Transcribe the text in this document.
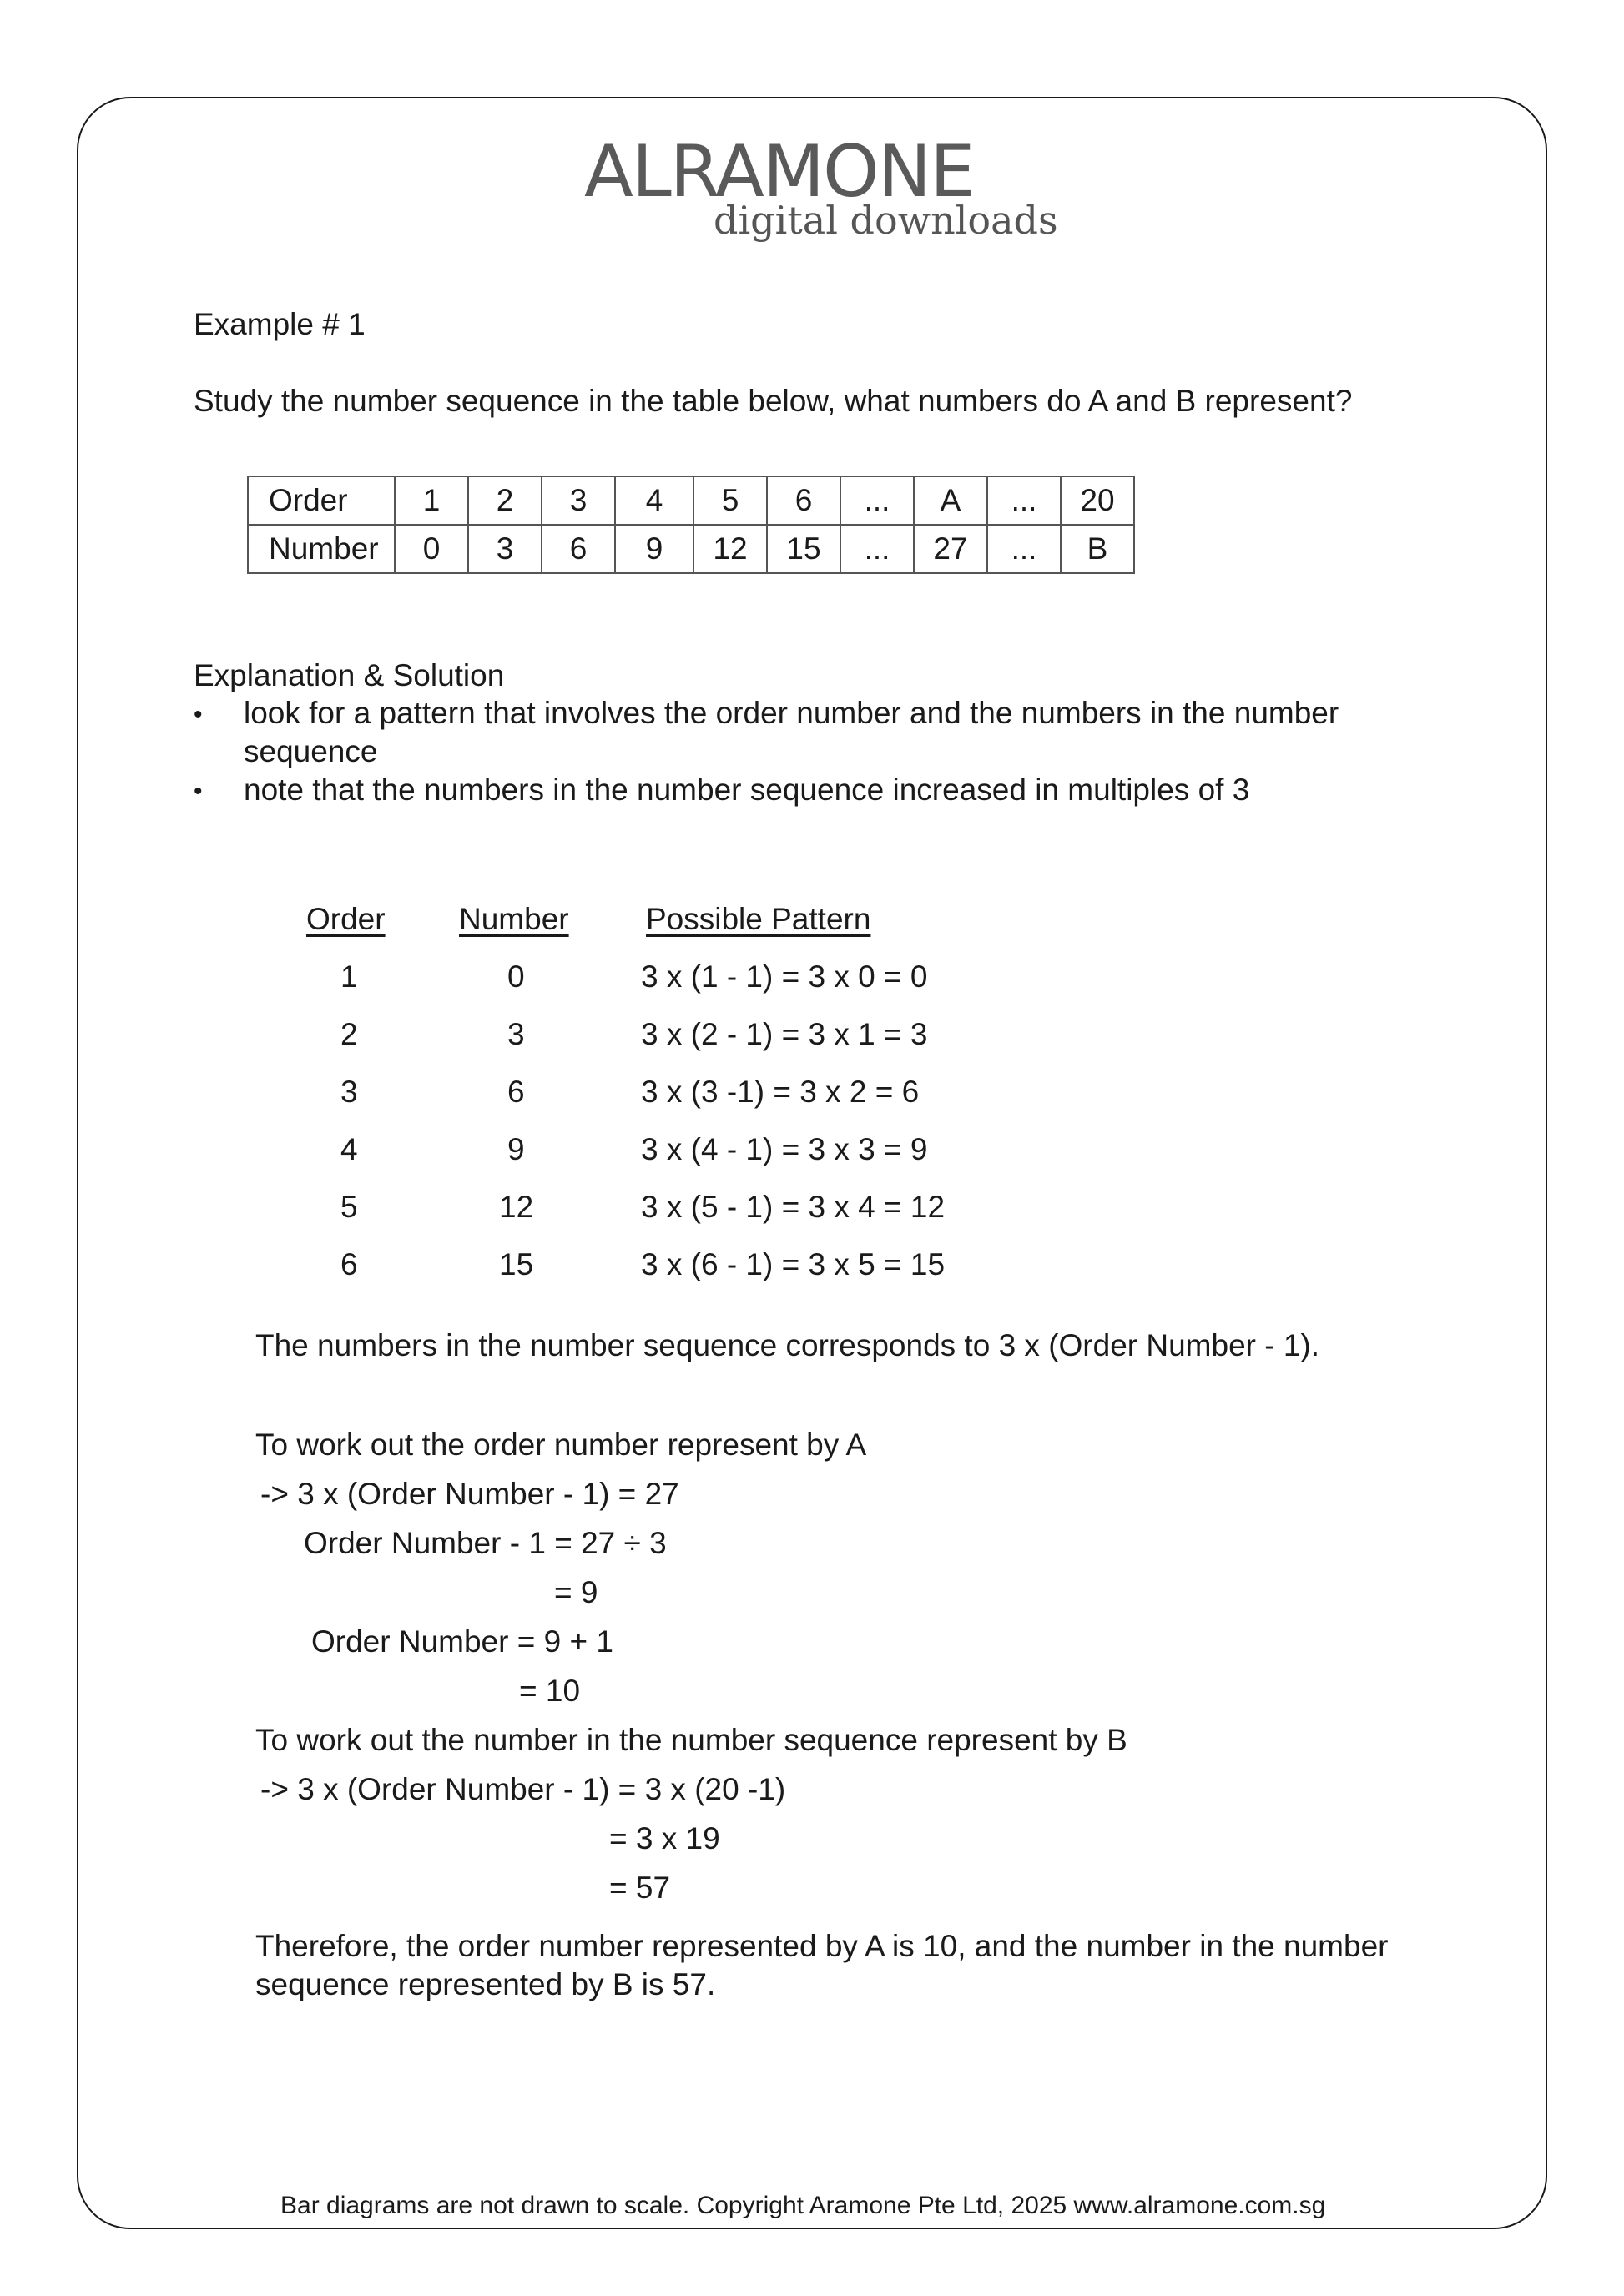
ALRAMONE
digital downloads
Example # 1
Study the number sequence in the table below, what numbers do A and B represent?
Order	1	2	3	4	5	6	...	A	...	20
Number	0	3	6	9	12	15	...	27	...	B
Explanation & Solution
• look for a pattern that involves the order number and the numbers in the number
sequence
• note that the numbers in the number sequence increased in multiples of 3
Order Number Possible Pattern
1	0	3 x (1 - 1) = 3 x 0 = 0
2	3	3 x (2 - 1) = 3 x 1 = 3
3	6	3 x (3 -1) = 3 x 2 = 6
4	9	3 x (4 - 1) = 3 x 3 = 9
5	12	3 x (5 - 1) = 3 x 4 = 12
6	15	3 x (6 - 1) = 3 x 5 = 15
The numbers in the number sequence corresponds to 3 x (Order Number - 1).
To work out the order number represent by A
-> 3 x (Order Number - 1) = 27
Order Number - 1 = 27 ÷ 3
= 9
Order Number = 9 + 1
= 10
To work out the number in the number sequence represent by B
-> 3 x (Order Number - 1) = 3 x (20 -1)
= 3 x 19
= 57
Therefore, the order number represented by A is 10, and the number in the number
sequence represented by B is 57.
Bar diagrams are not drawn to scale. Copyright Aramone Pte Ltd, 2025 www.alramone.com.sg
